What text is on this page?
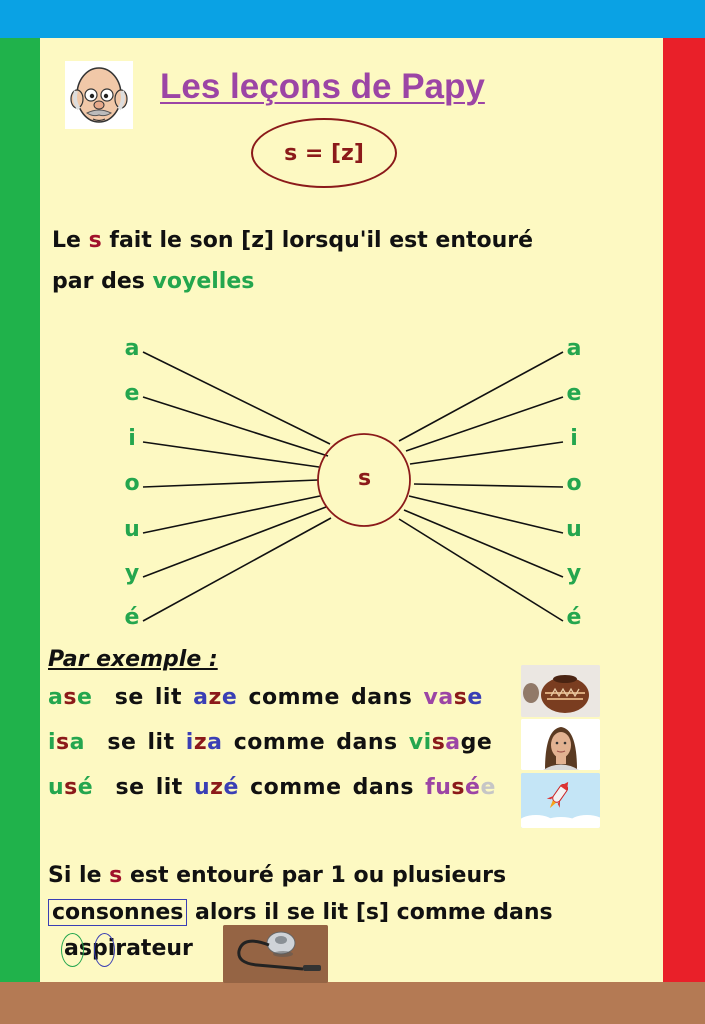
Les leçons de Papy
s = [z]
Le s fait le son [z] lorsqu'il est entouré
par des voyelles
s
Par exemple :
Si le s est entouré par 1 ou plusieurs
consonnes alors il se lit [s] comme dans
aspirateur
a
e
i
o
u
y
é
a
e
i
o
u
y
é
ase se lit aze comme dans vase
isa se lit iza comme dans visage
usé se lit uzé comme dans fusée
